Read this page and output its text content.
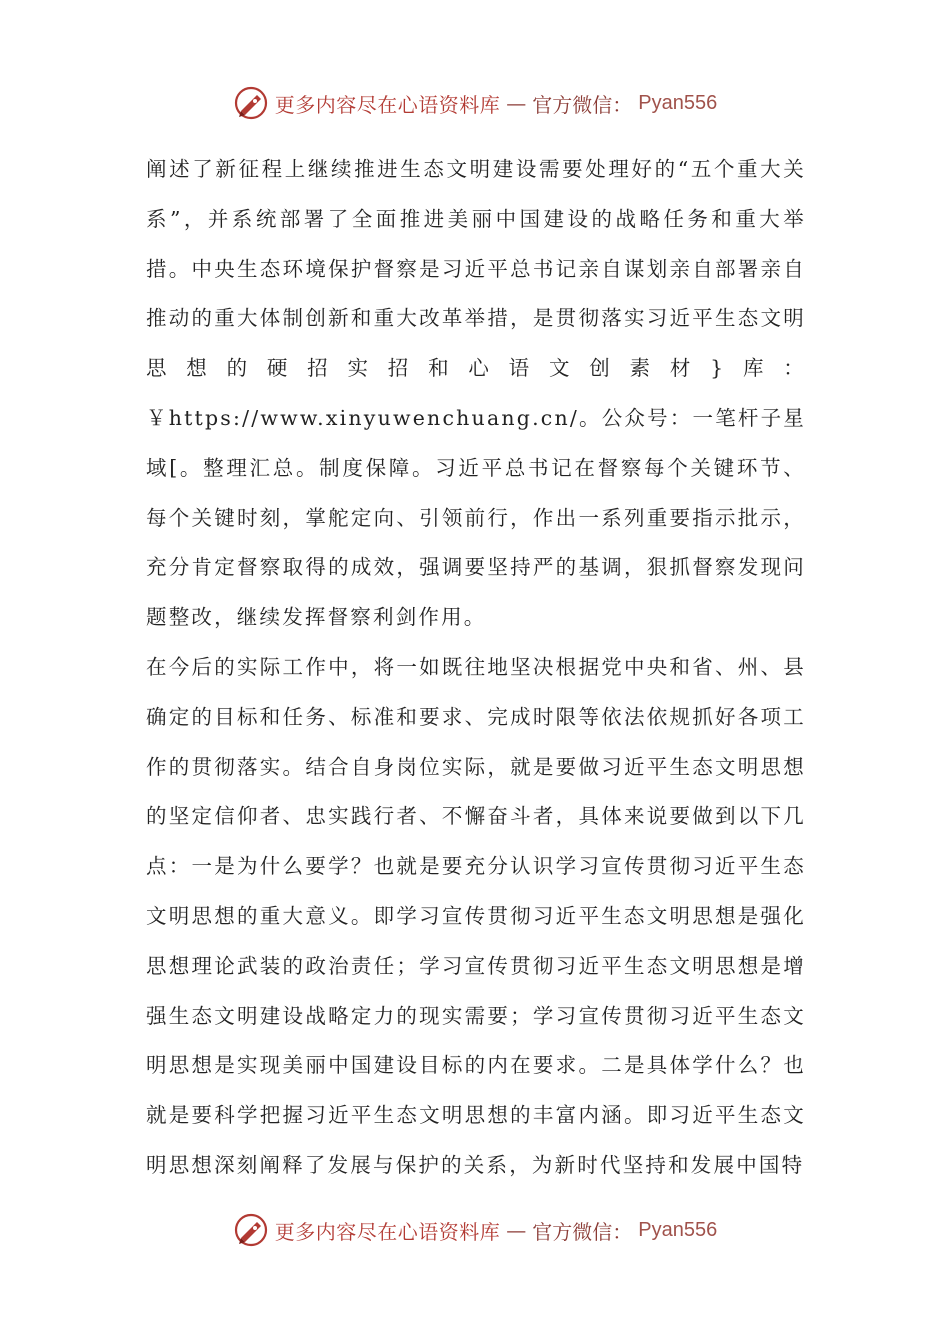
更多内容尽在心语资料库 — 官方微信： Pyan556

阐述了新征程上继续推进生态文明建设需要处理好的“五个重大关系”，并系统部署了全面推进美丽中国建设的战略任务和重大举措。中央生态环境保护督察是习近平总书记亲自谋划亲自部署亲自推动的重大体制创新和重大改革举措，是贯彻落实习近平生态文明思想的硬招实招和心语文创素材}库：￥https://www.xinyuwenchuang.cn/。公众号：一笔杆子星域[。整理汇总。制度保障。习近平总书记在督察每个关键环节、每个关键时刻，掌舵定向、引领前行，作出一系列重要指示批示，充分肯定督察取得的成效，强调要坚持严的基调，狠抓督察发现问题整改，继续发挥督察利剑作用。

在今后的实际工作中，将一如既往地坚决根据党中央和省、州、县确定的目标和任务、标准和要求、完成时限等依法依规抓好各项工作的贯彻落实。结合自身岗位实际，就是要做习近平生态文明思想的坚定信仰者、忠实践行者、不懈奋斗者，具体来说要做到以下几点：一是为什么要学？也就是要充分认识学习宣传贯彻习近平生态文明思想的重大意义。即学习宣传贯彻习近平生态文明思想是强化思想理论武装的政治责任；学习宣传贯彻习近平生态文明思想是增强生态文明建设战略定力的现实需要；学习宣传贯彻习近平生态文明思想是实现美丽中国建设目标的内在要求。二是具体学什么？也就是要科学把握习近平生态文明思想的丰富内涵。即习近平生态文明思想深刻阐释了发展与保护的关系，为新时代坚持和发展中国特

更多内容尽在心语资料库 — 官方微信： Pyan556
